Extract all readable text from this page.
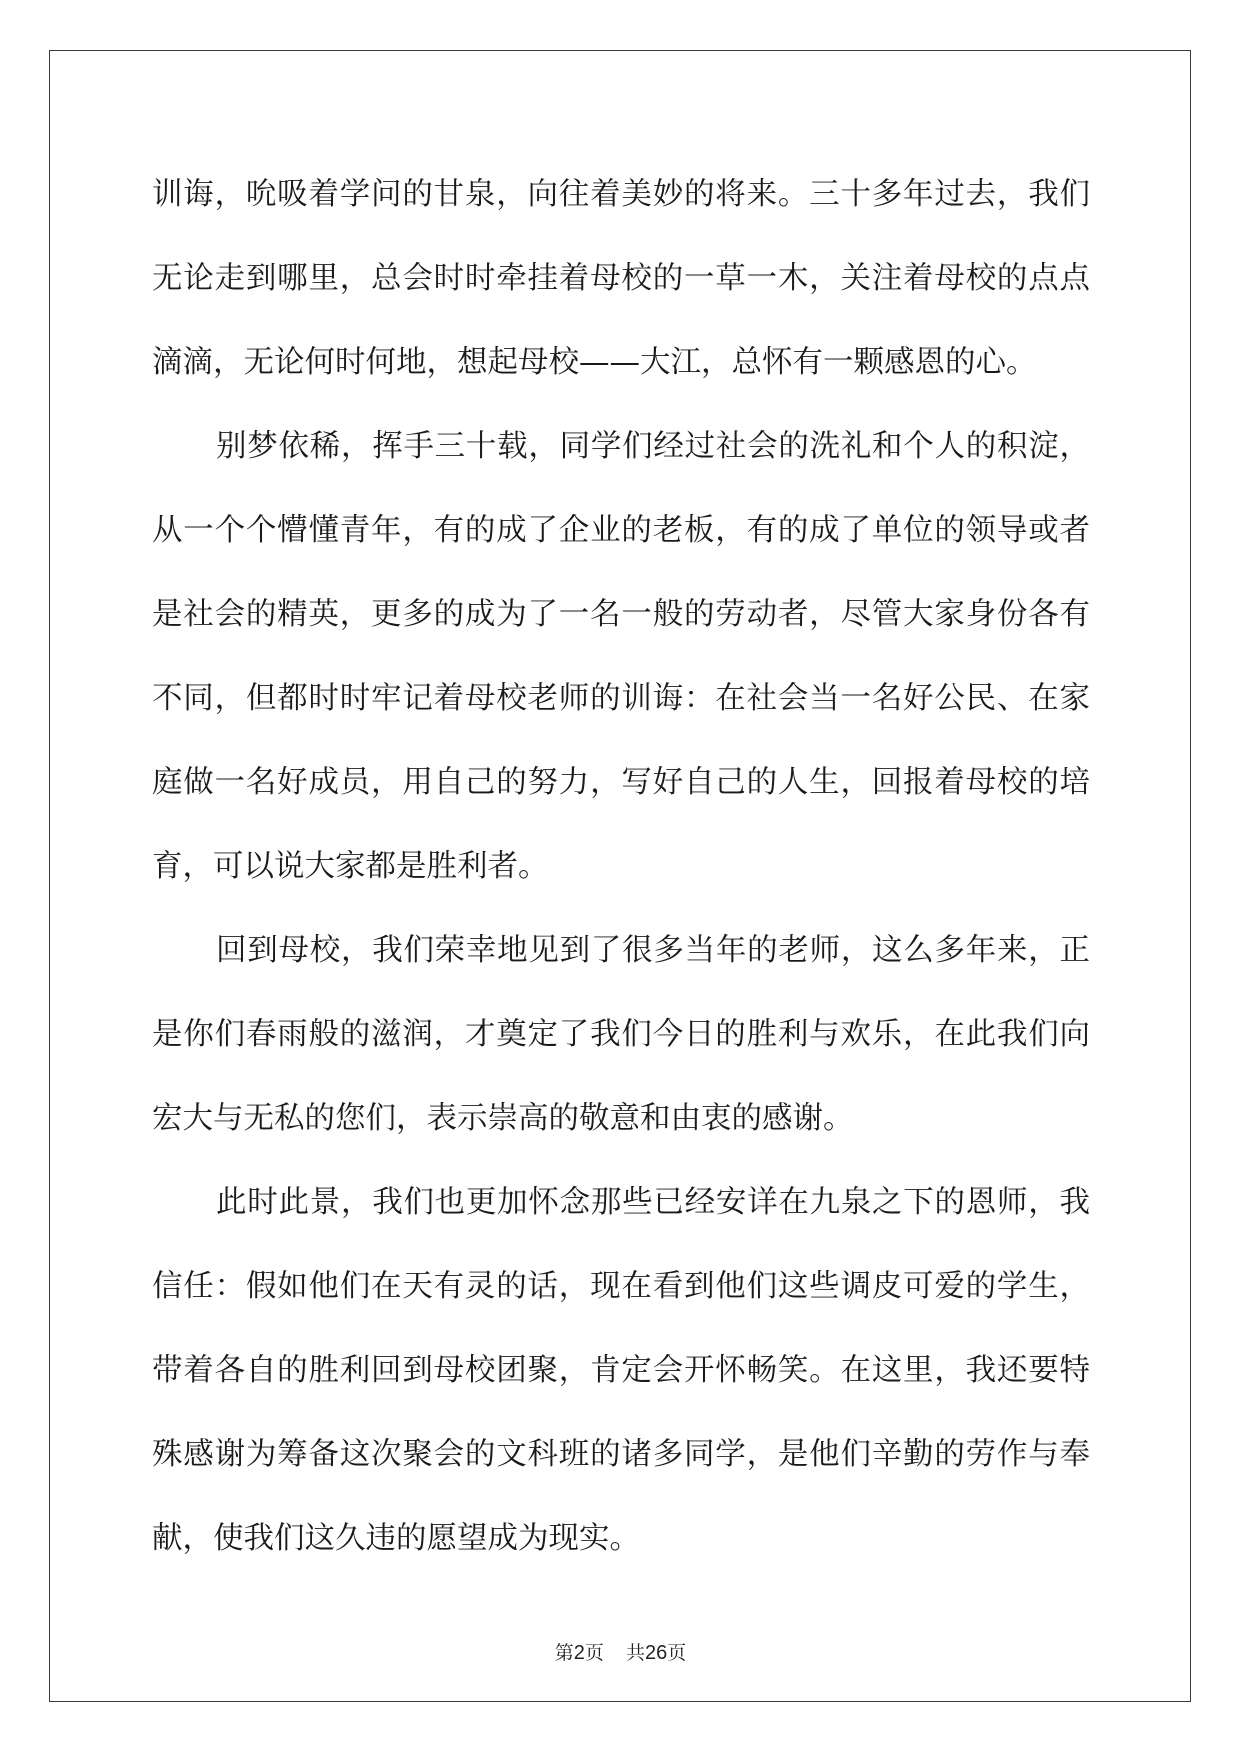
训诲，吮吸着学问的甘泉，向往着美妙的将来。三十多年过去，我们
无论走到哪里，总会时时牵挂着母校的一草一木，关注着母校的点点
滴滴，无论何时何地，想起母校——大江，总怀有一颗感恩的心。
别梦依稀，挥手三十载，同学们经过社会的洗礼和个人的积淀，
从一个个懵懂青年，有的成了企业的老板，有的成了单位的领导或者
是社会的精英，更多的成为了一名一般的劳动者，尽管大家身份各有
不同，但都时时牢记着母校老师的训诲：在社会当一名好公民、在家
庭做一名好成员，用自己的努力，写好自己的人生，回报着母校的培
育，可以说大家都是胜利者。
回到母校，我们荣幸地见到了很多当年的老师，这么多年来，正
是你们春雨般的滋润，才奠定了我们今日的胜利与欢乐，在此我们向
宏大与无私的您们，表示崇高的敬意和由衷的感谢。
此时此景，我们也更加怀念那些已经安详在九泉之下的恩师，我
信任：假如他们在天有灵的话，现在看到他们这些调皮可爱的学生，
带着各自的胜利回到母校团聚，肯定会开怀畅笑。在这里，我还要特
殊感谢为筹备这次聚会的文科班的诸多同学，是他们辛勤的劳作与奉
献，使我们这久违的愿望成为现实。
第2页 共26页
